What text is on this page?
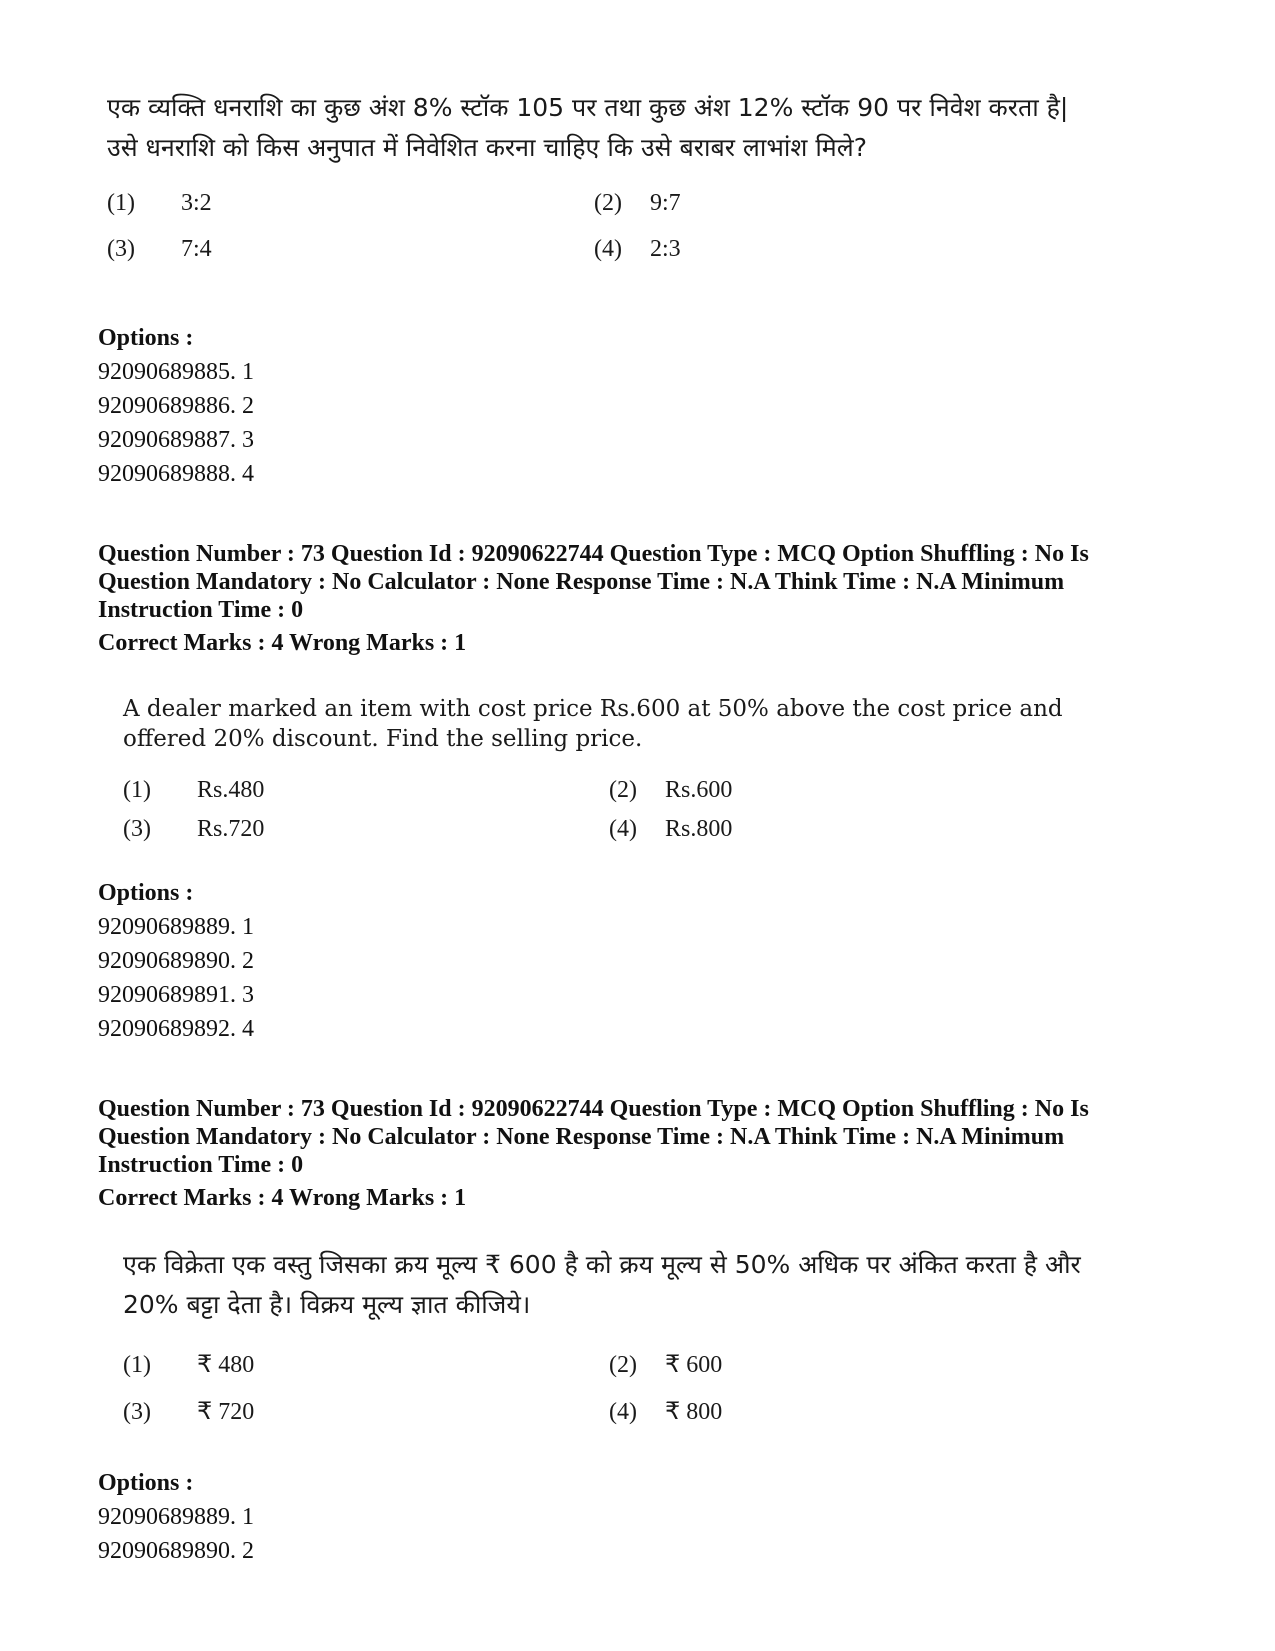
एक व्यक्ति धनराशि का कुछ अंश 8% स्टॉक 105 पर तथा कुछ अंश 12% स्टॉक 90 पर निवेश करता है|
उसे धनराशि को किस अनुपात में निवेशित करना चाहिए कि उसे बराबर लाभांश मिले?
(1) 3:2	(2) 9:7
(3) 7:4	(4) 2:3
Options :
92090689885. 1
92090689886. 2
92090689887. 3
92090689888. 4
Question Number : 73 Question Id : 92090622744 Question Type : MCQ Option Shuffling : No Is
Question Mandatory : No Calculator : None Response Time : N.A Think Time : N.A Minimum
Instruction Time : 0
Correct Marks : 4 Wrong Marks : 1
A dealer marked an item with cost price Rs.600 at 50% above the cost price and
offered 20% discount. Find the selling price.
(1) Rs.480	(2) Rs.600
(3) Rs.720	(4) Rs.800
Options :
92090689889. 1
92090689890. 2
92090689891. 3
92090689892. 4
Question Number : 73 Question Id : 92090622744 Question Type : MCQ Option Shuffling : No Is
Question Mandatory : No Calculator : None Response Time : N.A Think Time : N.A Minimum
Instruction Time : 0
Correct Marks : 4 Wrong Marks : 1
एक विक्रेता एक वस्तु जिसका क्रय मूल्य ₹ 600 है को क्रय मूल्य से 50% अधिक पर अंकित करता है और
20% बट्टा देता है। विक्रय मूल्य ज्ञात कीजिये।
(1) ₹ 480	(2) ₹ 600
(3) ₹ 720	(4) ₹ 800
Options :
92090689889. 1
92090689890. 2
